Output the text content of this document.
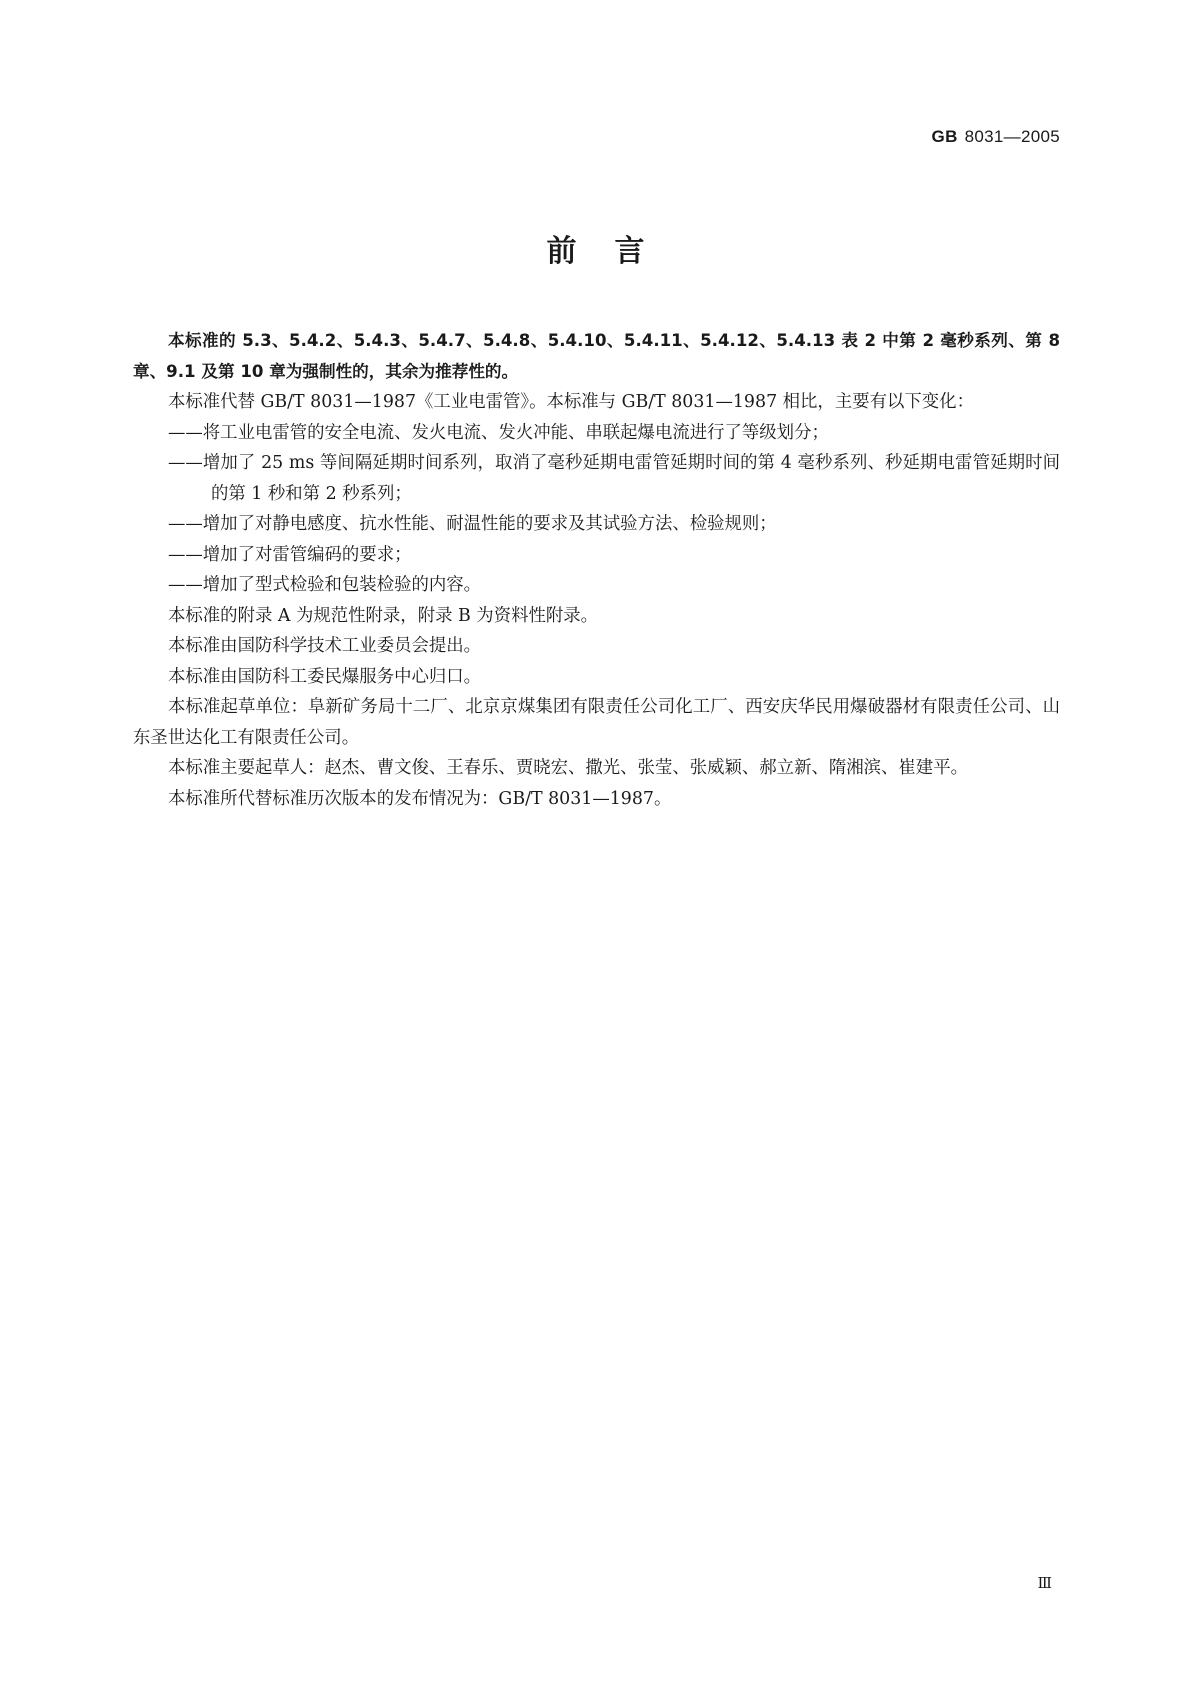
GB 8031—2005
前言

本标准的 5.3、5.4.2、5.4.3、5.4.7、5.4.8、5.4.10、5.4.11、5.4.12、5.4.13 表 2 中第 2 毫秒系列、第 8 章、9.1 及第 10 章为强制性的，其余为推荐性的。

本标准代替 GB/T 8031—1987《工业电雷管》。本标准与 GB/T 8031—1987 相比，主要有以下变化：

——将工业电雷管的安全电流、发火电流、发火冲能、串联起爆电流进行了等级划分；

——增加了 25 ms 等间隔延期时间系列，取消了毫秒延期电雷管延期时间的第 4 毫秒系列、秒延期电雷管延期时间的第 1 秒和第 2 秒系列；

——增加了对静电感度、抗水性能、耐温性能的要求及其试验方法、检验规则；

——增加了对雷管编码的要求；

——增加了型式检验和包装检验的内容。

本标准的附录 A 为规范性附录，附录 B 为资料性附录。

本标准由国防科学技术工业委员会提出。

本标准由国防科工委民爆服务中心归口。

本标准起草单位：阜新矿务局十二厂、北京京煤集团有限责任公司化工厂、西安庆华民用爆破器材有限责任公司、山东圣世达化工有限责任公司。

本标准主要起草人：赵杰、曹文俊、王春乐、贾晓宏、撒光、张莹、张威颖、郝立新、隋湘滨、崔建平。

本标准所代替标准历次版本的发布情况为：GB/T 8031—1987。

Ⅲ
